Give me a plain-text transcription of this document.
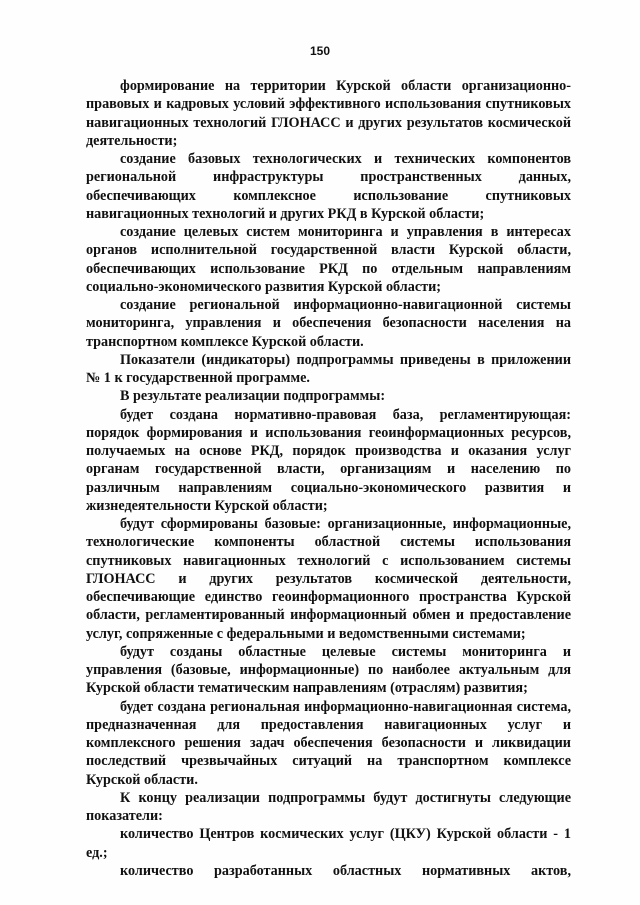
150

формирование на территории Курской области организационно-правовых и кадровых условий эффективного использования спутниковых навигационных технологий ГЛОНАСС и других результатов космической деятельности;

создание базовых технологических и технических компонентов региональной инфраструктуры пространственных данных, обеспечивающих комплексное использование спутниковых навигационных технологий и других РКД в Курской области;

создание целевых систем мониторинга и управления в интересах органов исполнительной государственной власти Курской области, обеспечивающих использование РКД по отдельным направлениям социально-экономического развития Курской области;

создание региональной информационно-навигационной системы мониторинга, управления и обеспечения безопасности населения на транспортном комплексе Курской области.

Показатели (индикаторы) подпрограммы приведены в приложении № 1 к государственной программе.

В результате реализации подпрограммы:

будет создана нормативно-правовая база, регламентирующая: порядок формирования и использования геоинформационных ресурсов, получаемых на основе РКД, порядок производства и оказания услуг органам государственной власти, организациям и населению по различным направлениям социально-экономического развития и жизнедеятельности Курской области;

будут сформированы базовые: организационные, информационные, технологические компоненты областной системы использования спутниковых навигационных технологий с использованием системы ГЛОНАСС и других результатов космической деятельности, обеспечивающие единство геоинформационного пространства Курской области, регламентированный информационный обмен и предоставление услуг, сопряженные с федеральными и ведомственными системами;

будут созданы областные целевые системы мониторинга и управления (базовые, информационные) по наиболее актуальным для Курской области тематическим направлениям (отраслям) развития;

будет создана региональная информационно-навигационная система, предназначенная для предоставления навигационных услуг и комплексного решения задач обеспечения безопасности и ликвидации последствий чрезвычайных ситуаций на транспортном комплексе Курской области.

К концу реализации подпрограммы будут достигнуты следующие показатели:

количество Центров космических услуг (ЦКУ) Курской области - 1 ед.;

количество разработанных областных нормативных актов,
